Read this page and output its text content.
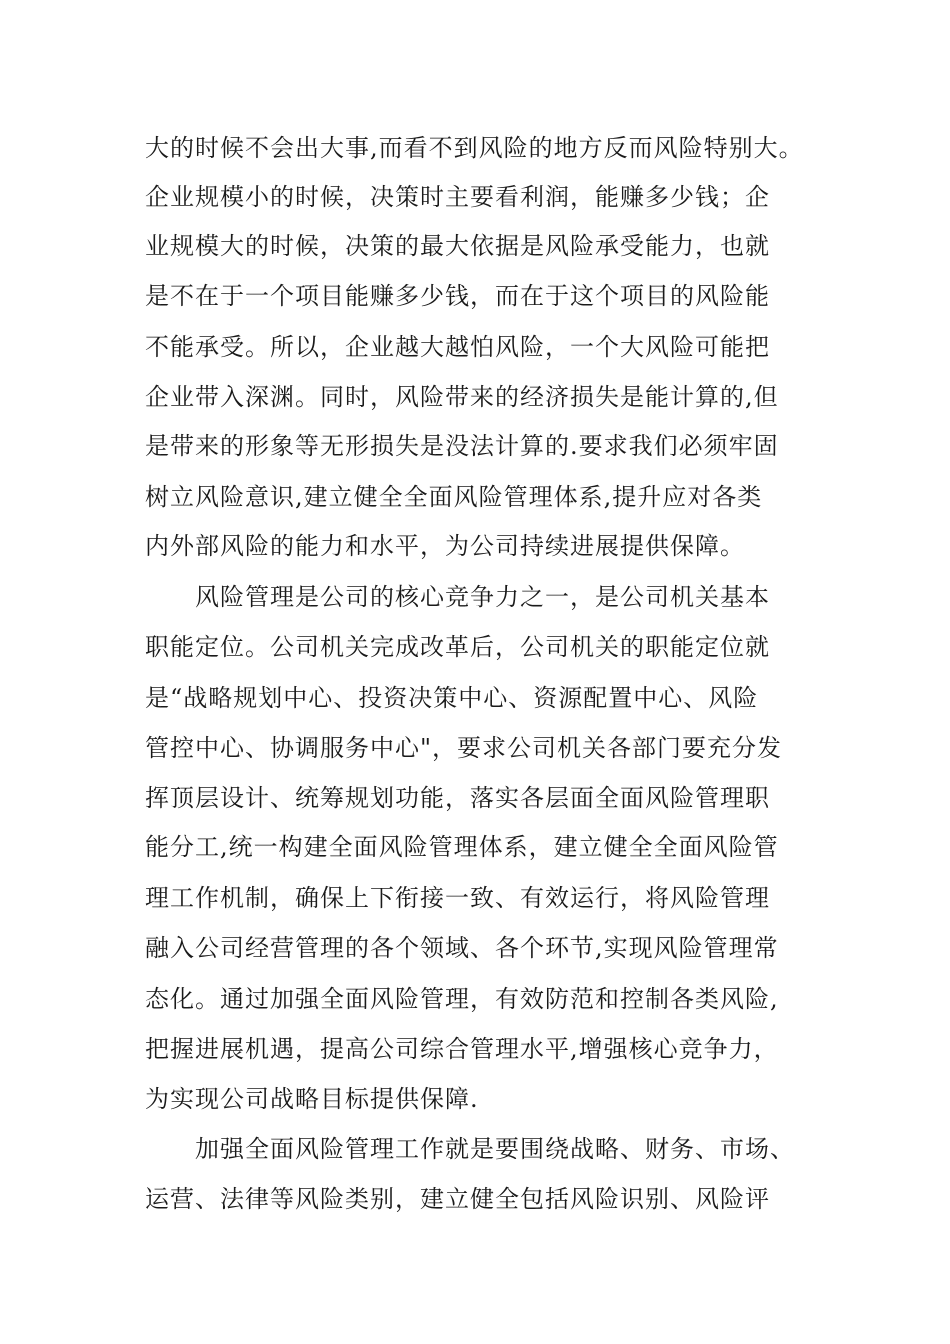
大的时候不会出大事,而看不到风险的地方反而风险特别大。
企业规模小的时候，决策时主要看利润，能赚多少钱；企
业规模大的时候，决策的最大依据是风险承受能力，也就
是不在于一个项目能赚多少钱，而在于这个项目的风险能
不能承受。所以，企业越大越怕风险，一个大风险可能把
企业带入深渊。同时，风险带来的经济损失是能计算的,但
是带来的形象等无形损失是没法计算的.要求我们必须牢固
树立风险意识,建立健全全面风险管理体系,提升应对各类
内外部风险的能力和水平，为公司持续进展提供保障。
风险管理是公司的核心竞争力之一，是公司机关基本
职能定位。公司机关完成改革后，公司机关的职能定位就
是“战略规划中心、投资决策中心、资源配置中心、风险
管控中心、协调服务中心"，要求公司机关各部门要充分发
挥顶层设计、统筹规划功能，落实各层面全面风险管理职
能分工,统一构建全面风险管理体系，建立健全全面风险管
理工作机制，确保上下衔接一致、有效运行，将风险管理
融入公司经营管理的各个领域、各个环节,实现风险管理常
态化。通过加强全面风险管理，有效防范和控制各类风险,
把握进展机遇，提高公司综合管理水平,增强核心竞争力，
为实现公司战略目标提供保障.
加强全面风险管理工作就是要围绕战略、财务、市场、
运营、法律等风险类别，建立健全包括风险识别、风险评
